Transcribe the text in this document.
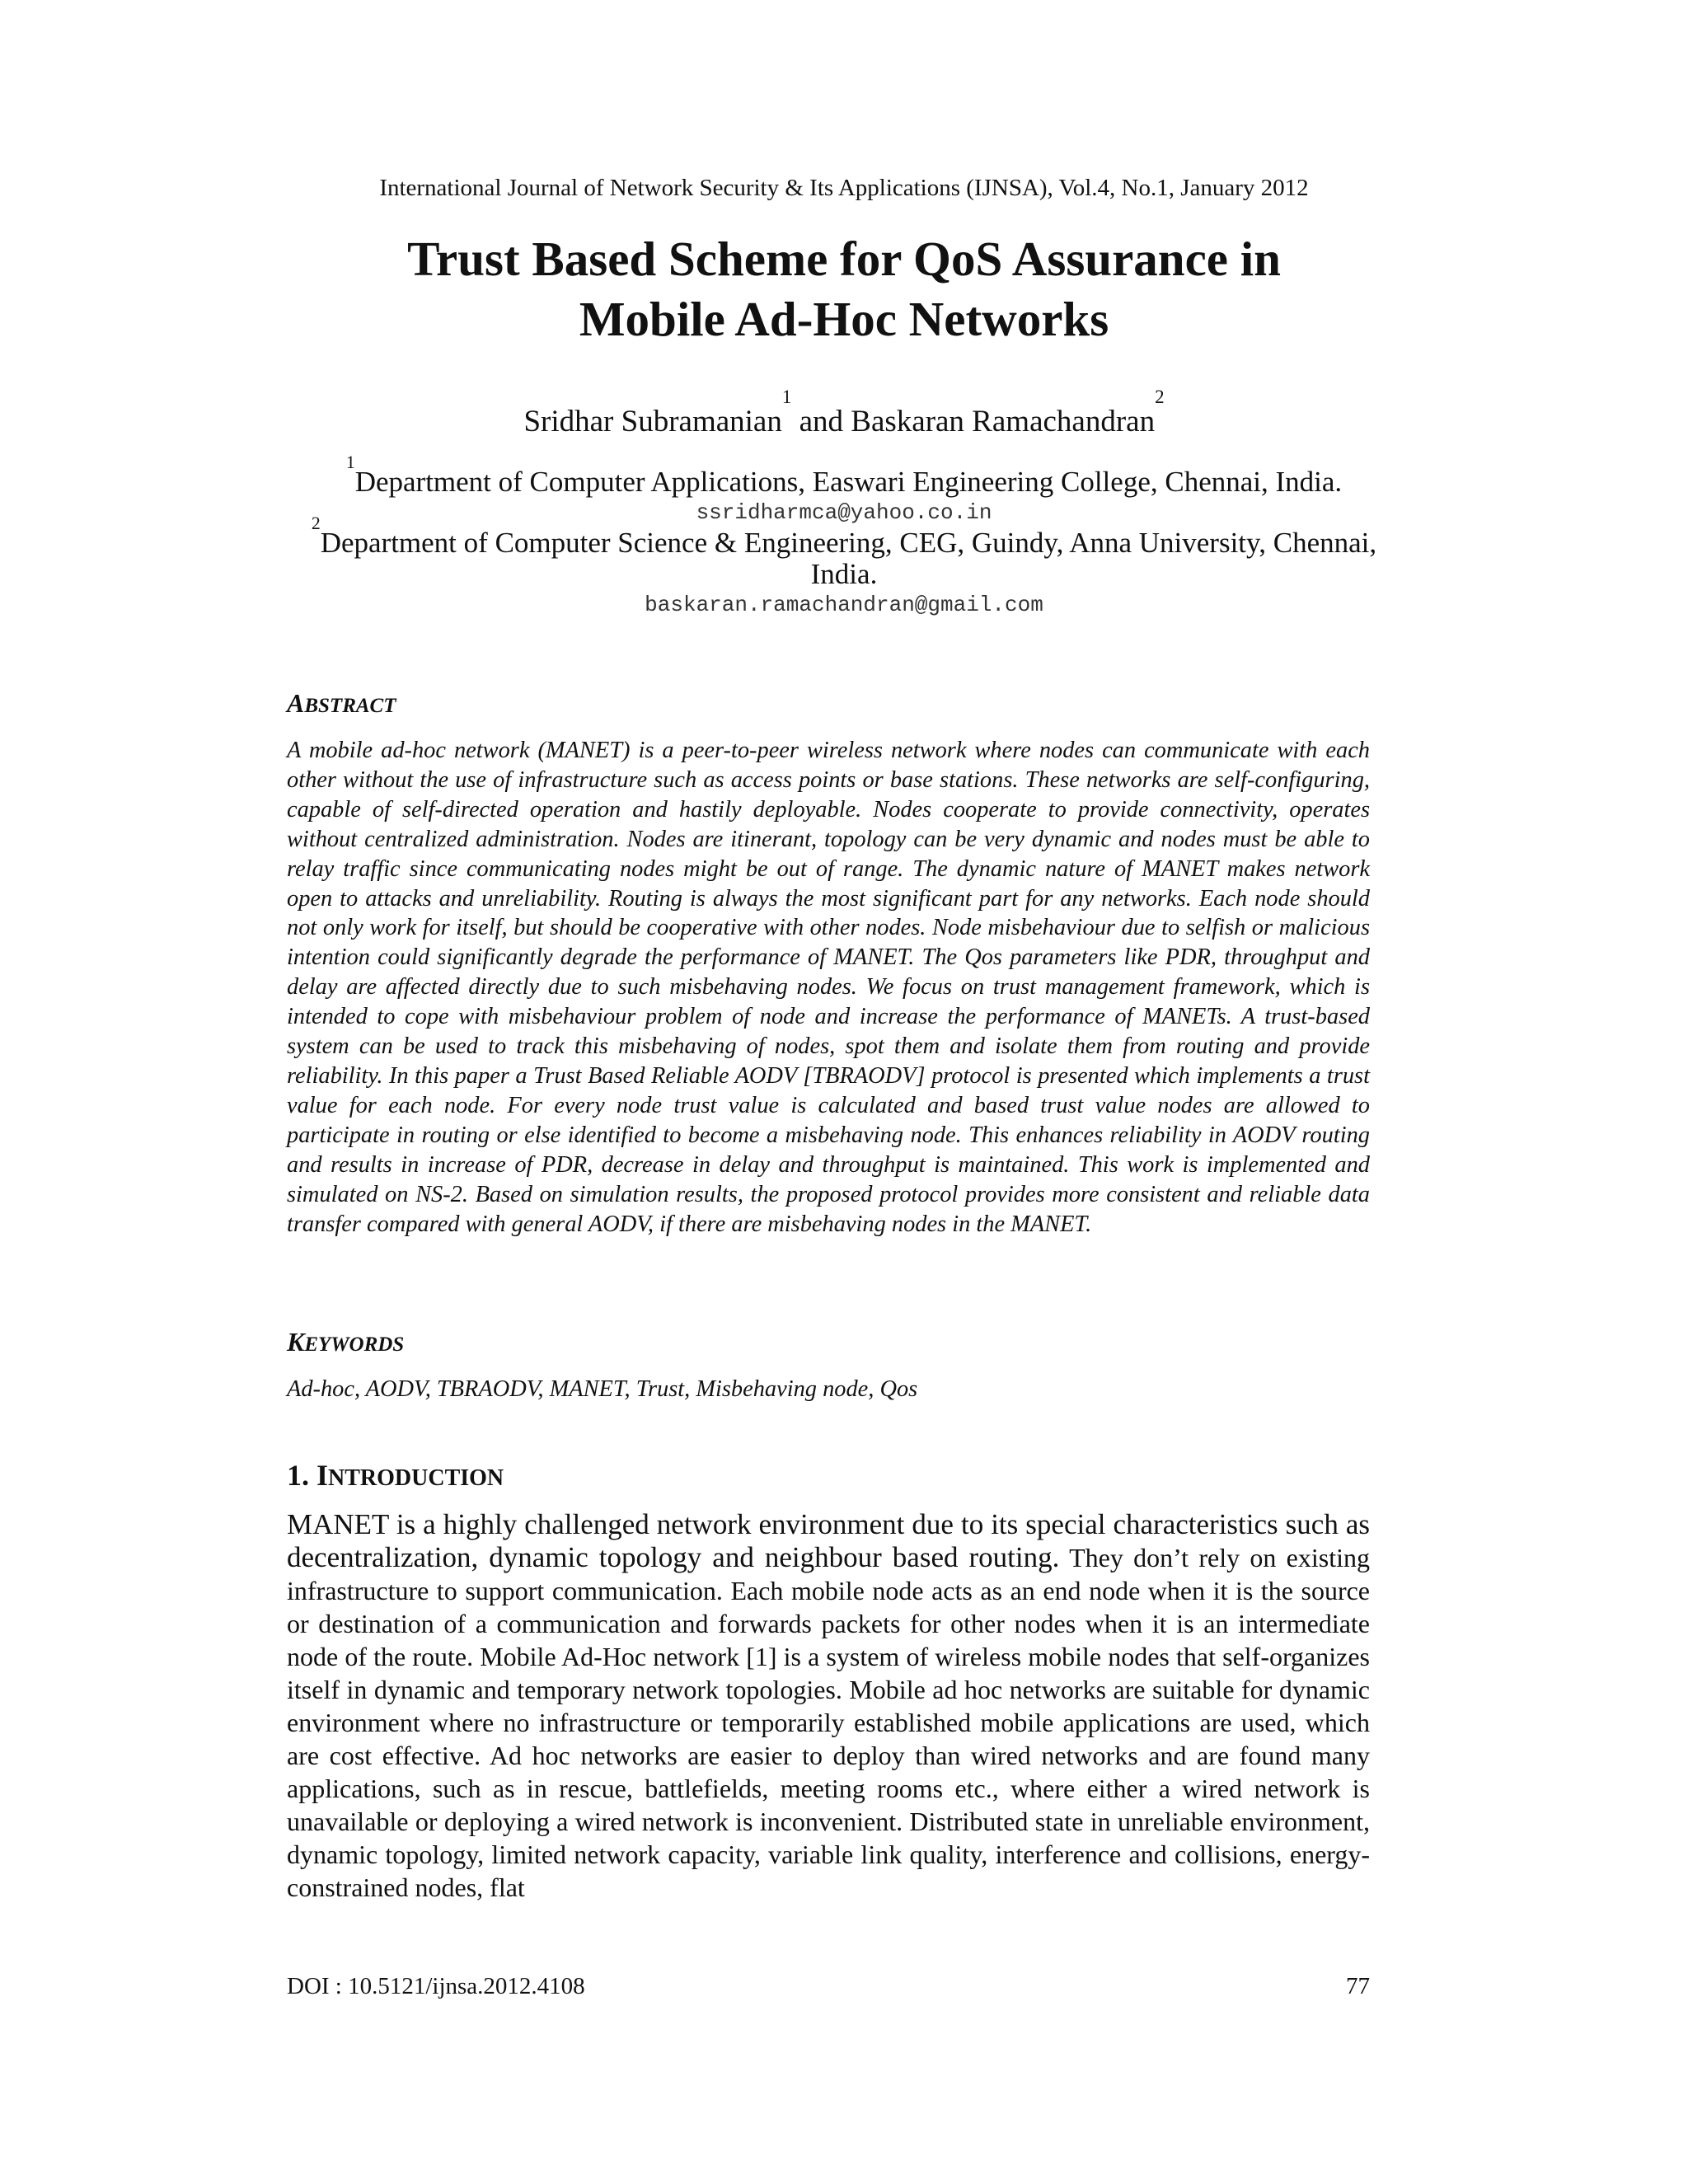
International Journal of Network Security & Its Applications (IJNSA), Vol.4, No.1, January 2012
Trust Based Scheme for QoS Assurance in
Mobile Ad-Hoc Networks
Sridhar Subramanian$^1$ and Baskaran Ramachandran$^2$
$^1$Department of Computer Applications, Easwari Engineering College, Chennai, India.
ssridharmca@yahoo.co.in
$^2$Department of Computer Science & Engineering, CEG, Guindy, Anna University, Chennai, India.
baskaran.ramachandran@gmail.com
ABSTRACT

A mobile ad-hoc network (MANET) is a peer-to-peer wireless network where nodes can communicate with each other without the use of infrastructure such as access points or base stations. These networks are self-configuring, capable of self-directed operation and hastily deployable. Nodes cooperate to provide connectivity, operates without centralized administration. Nodes are itinerant, topology can be very dynamic and nodes must be able to relay traffic since communicating nodes might be out of range. The dynamic nature of MANET makes network open to attacks and unreliability. Routing is always the most significant part for any networks. Each node should not only work for itself, but should be cooperative with other nodes. Node misbehaviour due to selfish or malicious intention could significantly degrade the performance of MANET. The Qos parameters like PDR, throughput and delay are affected directly due to such misbehaving nodes. We focus on trust management framework, which is intended to cope with misbehaviour problem of node and increase the performance of MANETs. A trust-based system can be used to track this misbehaving of nodes, spot them and isolate them from routing and provide reliability. In this paper a Trust Based Reliable AODV [TBRAODV] protocol is presented which implements a trust value for each node. For every node trust value is calculated and based trust value nodes are allowed to participate in routing or else identified to become a misbehaving node. This enhances reliability in AODV routing and results in increase of PDR, decrease in delay and throughput is maintained. This work is implemented and simulated on NS-2. Based on simulation results, the proposed protocol provides more consistent and reliable data transfer compared with general AODV, if there are misbehaving nodes in the MANET.

KEYWORDS

Ad-hoc, AODV, TBRAODV, MANET, Trust, Misbehaving node, Qos

1. INTRODUCTION

MANET is a highly challenged network environment due to its special characteristics such as decentralization, dynamic topology and neighbour based routing. They don’t rely on existing infrastructure to support communication. Each mobile node acts as an end node when it is the source or destination of a communication and forwards packets for other nodes when it is an intermediate node of the route. Mobile Ad-Hoc network [1] is a system of wireless mobile nodes that self-organizes itself in dynamic and temporary network topologies. Mobile ad hoc networks are suitable for dynamic environment where no infrastructure or temporarily established mobile applications are used, which are cost effective. Ad hoc networks are easier to deploy than wired networks and are found many applications, such as in rescue, battlefields, meeting rooms etc., where either a wired network is unavailable or deploying a wired network is inconvenient. Distributed state in unreliable environment, dynamic topology, limited network capacity, variable link quality, interference and collisions, energy-constrained nodes, flat

DOI : 10.5121/ijnsa.2012.4108	77
